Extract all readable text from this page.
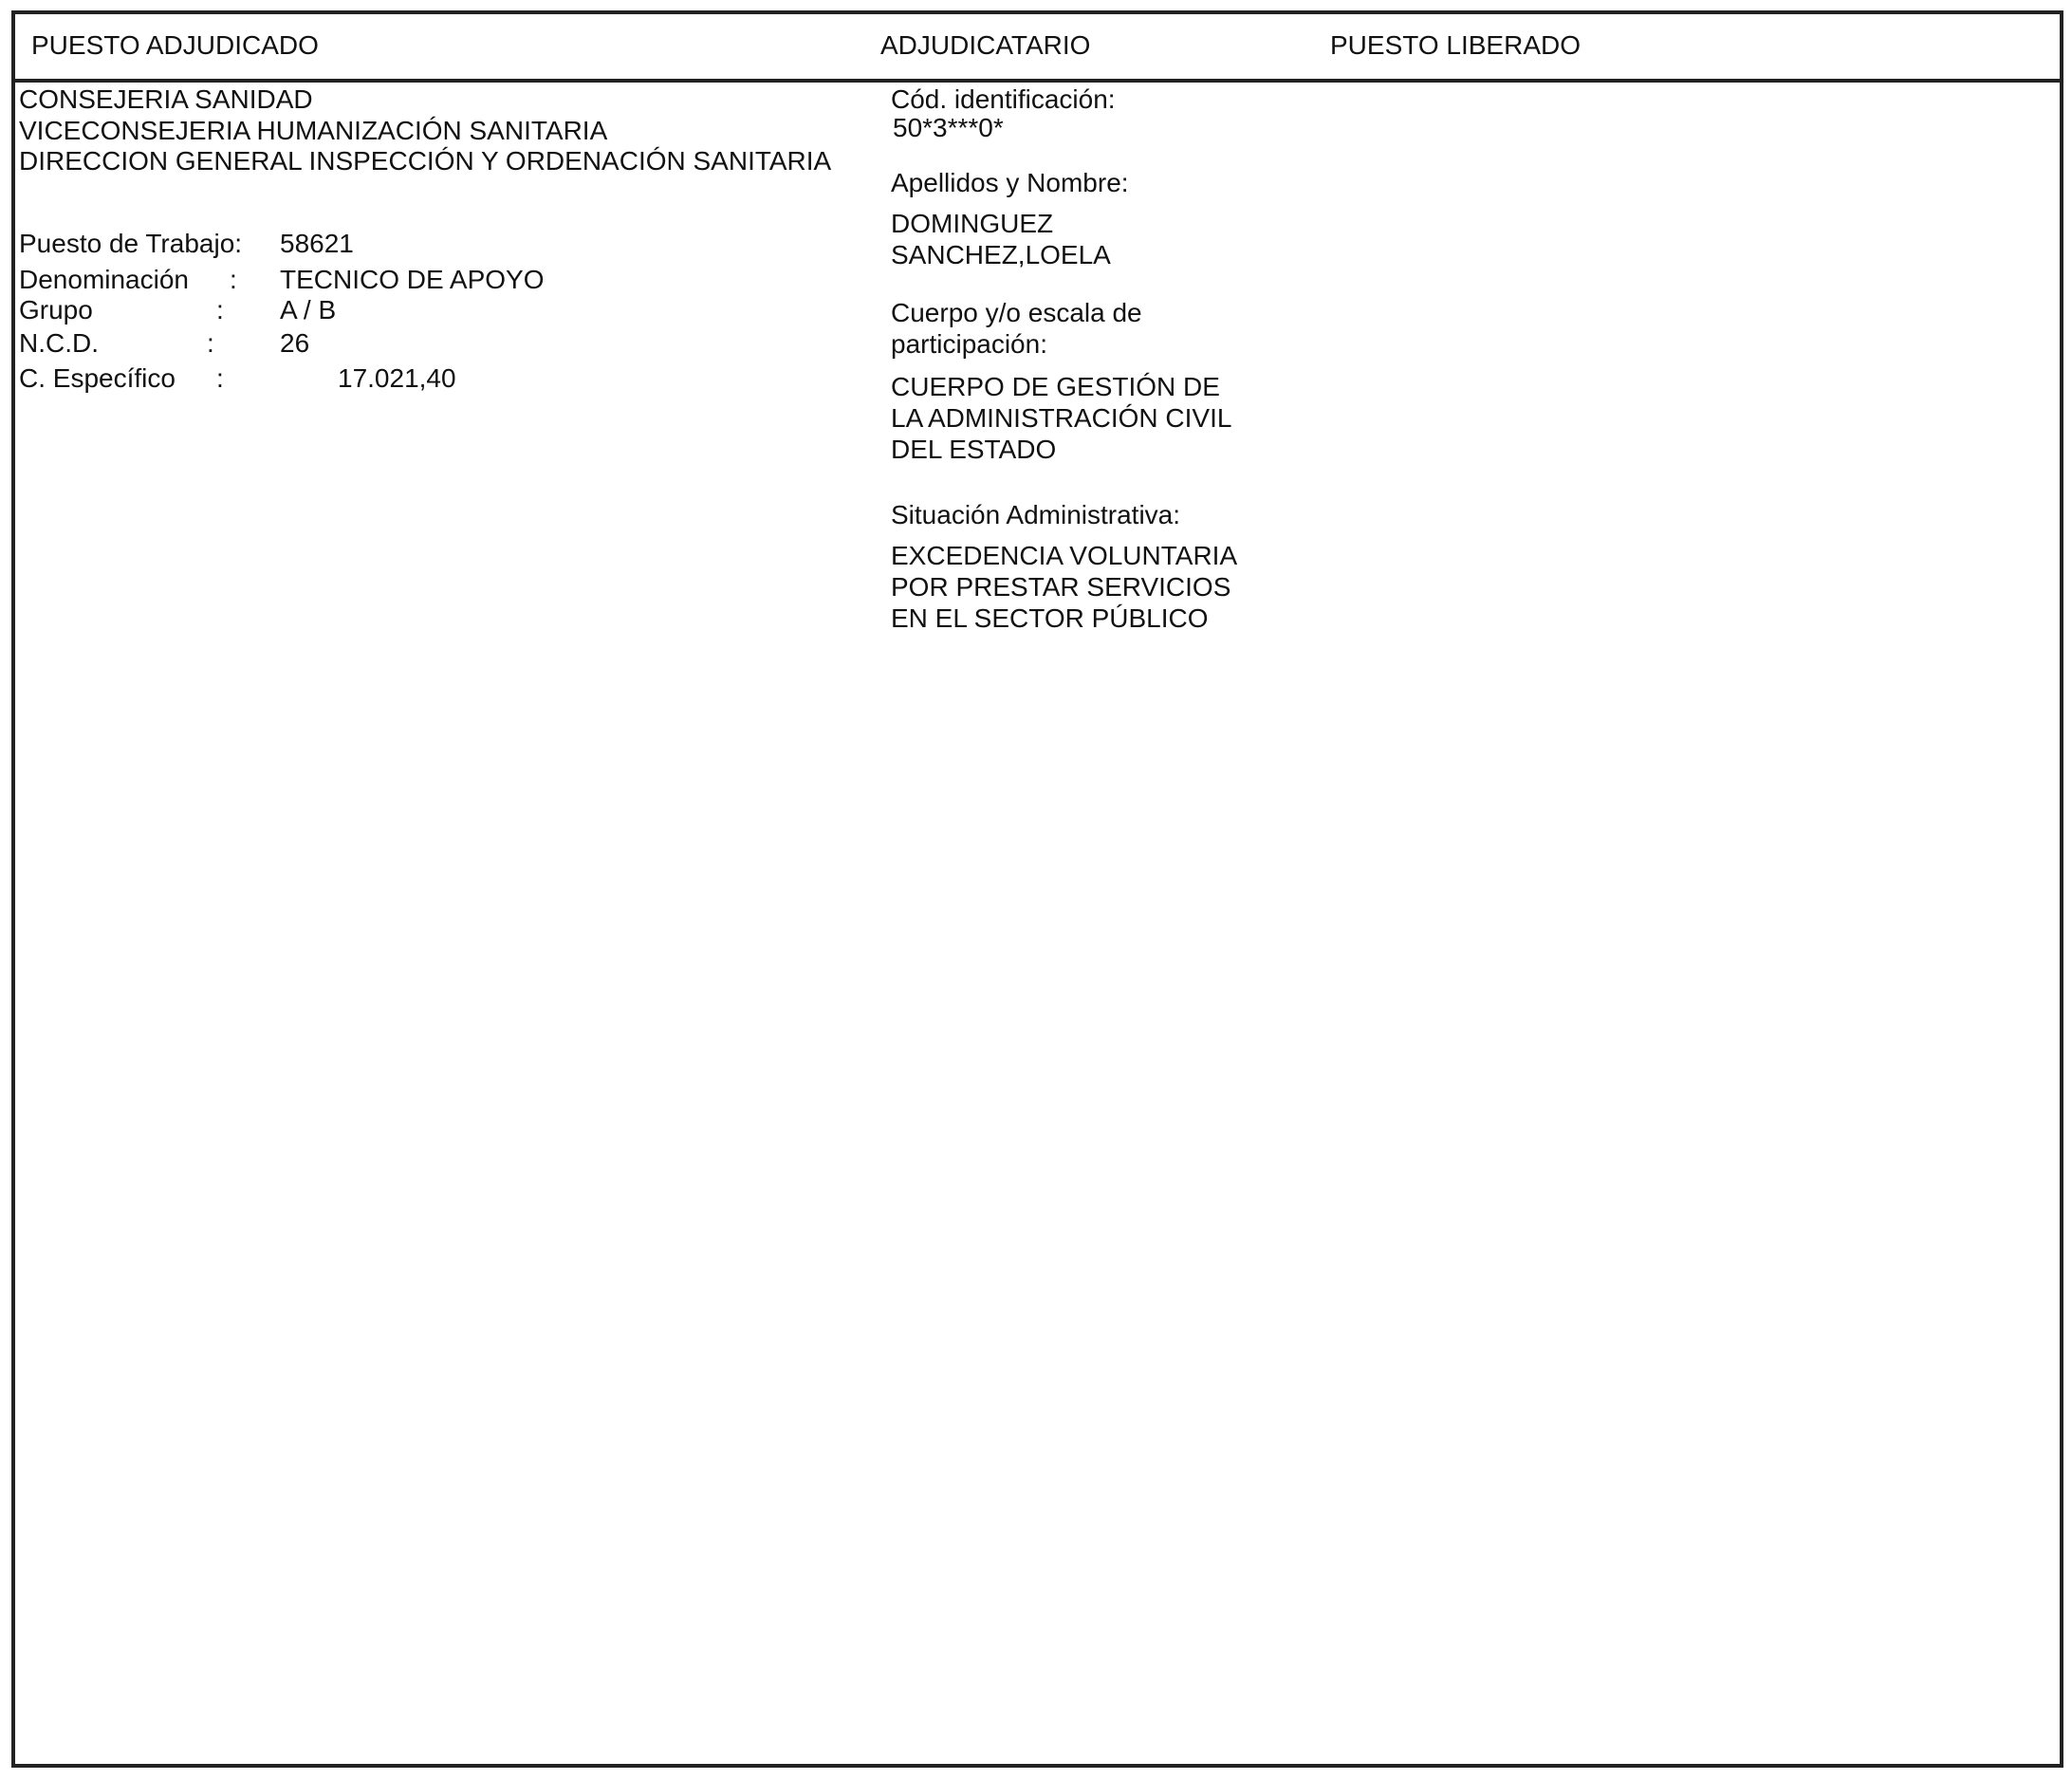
PUESTO ADJUDICADO	ADJUDICATARIO	PUESTO LIBERADO
CONSEJERIA SANIDAD
VICECONSEJERIA HUMANIZACIÓN SANITARIA
DIRECCION GENERAL INSPECCIÓN Y ORDENACIÓN SANITARIA
Puesto de Trabajo: 58621
Denominación : TECNICO DE APOYO
Grupo	: A / B
N.C.D.	: 26
C. Específico :	17.021,40
Cód. identificación:
50*3***0*
Apellidos y Nombre:
DOMINGUEZ
SANCHEZ,LOELA
Cuerpo y/o escala de
participación:
CUERPO DE GESTIÓN DE
LA ADMINISTRACIÓN CIVIL
DEL ESTADO
Situación Administrativa:
EXCEDENCIA VOLUNTARIA
POR PRESTAR SERVICIOS
EN EL SECTOR PÚBLICO
